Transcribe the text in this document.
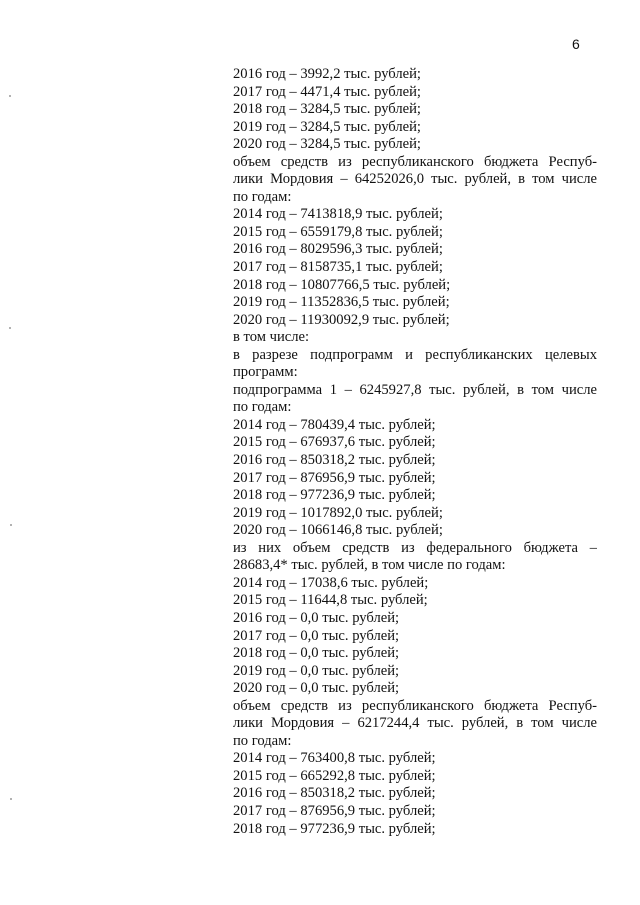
6
2016 год – 3992,2 тыс. рублей;
2017 год – 4471,4 тыс. рублей;
2018 год – 3284,5 тыс. рублей;
2019 год – 3284,5 тыс. рублей;
2020 год – 3284,5 тыс. рублей;
объем средств из республиканского бюджета Респуб-
лики Мордовия – 64252026,0 тыс. рублей, в том числе
по годам:
2014 год – 7413818,9 тыс. рублей;
2015 год – 6559179,8 тыс. рублей;
2016 год – 8029596,3 тыс. рублей;
2017 год – 8158735,1 тыс. рублей;
2018 год – 10807766,5 тыс. рублей;
2019 год – 11352836,5 тыс. рублей;
2020 год – 11930092,9 тыс. рублей;
в том числе:
в разрезе подпрограмм и республиканских целевых
программ:
подпрограмма 1 – 6245927,8 тыс. рублей, в том числе
по годам:
2014 год – 780439,4 тыс. рублей;
2015 год – 676937,6 тыс. рублей;
2016 год – 850318,2 тыс. рублей;
2017 год – 876956,9 тыс. рублей;
2018 год – 977236,9 тыс. рублей;
2019 год – 1017892,0 тыс. рублей;
2020 год – 1066146,8 тыс. рублей;
из них объем средств из федерального бюджета –
28683,4* тыс. рублей, в том числе по годам:
2014 год – 17038,6 тыс. рублей;
2015 год – 11644,8 тыс. рублей;
2016 год – 0,0 тыс. рублей;
2017 год – 0,0 тыс. рублей;
2018 год – 0,0 тыс. рублей;
2019 год – 0,0 тыс. рублей;
2020 год – 0,0 тыс. рублей;
объем средств из республиканского бюджета Респуб-
лики Мордовия – 6217244,4 тыс. рублей, в том числе
по годам:
2014 год – 763400,8 тыс. рублей;
2015 год – 665292,8 тыс. рублей;
2016 год – 850318,2 тыс. рублей;
2017 год – 876956,9 тыс. рублей;
2018 год – 977236,9 тыс. рублей;
